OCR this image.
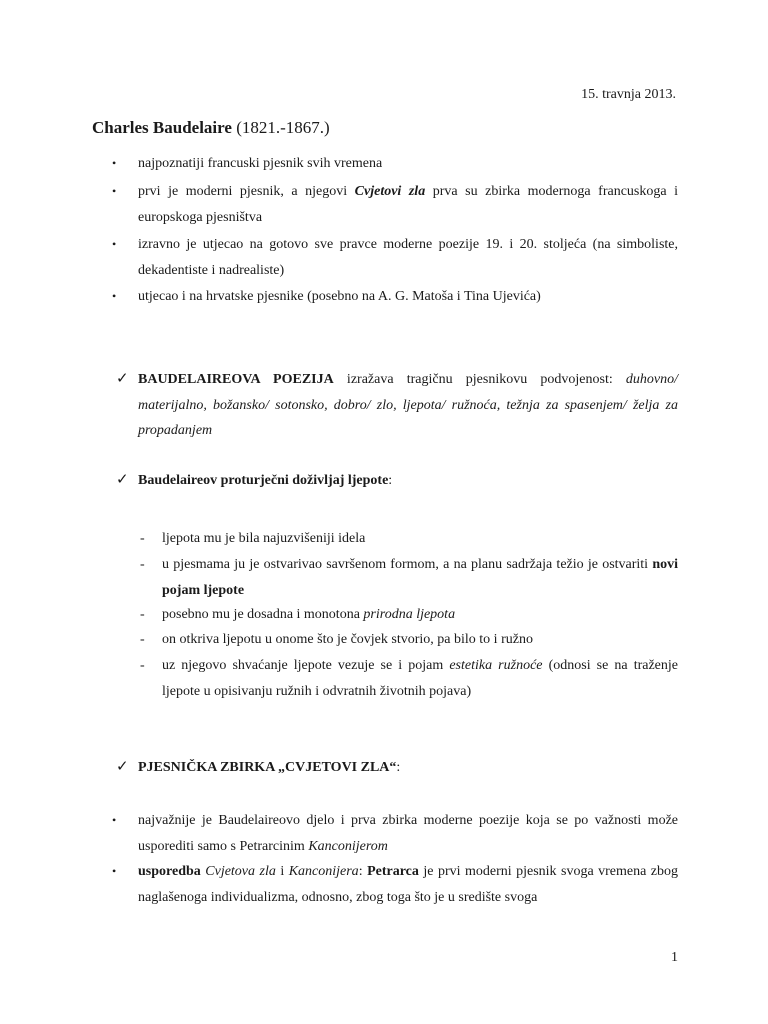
15. travnja 2013.
Charles Baudelaire (1821.-1867.)
•	najpoznatiji francuski pjesnik svih vremena
•	prvi je moderni pjesnik, a njegovi Cvjetovi zla prva su zbirka modernoga francuskoga i europskoga pjesništva
•	izravno je utjecao na gotovo sve pravce moderne poezije 19. i 20. stoljeća (na simboliste, dekadentiste i nadrealiste)
•	utjecao i na hrvatske pjesnike (posebno na A. G. Matoša i Tina Ujevića)
✓ BAUDELAIREOVA POEZIJA izražava tragičnu pjesnikovu podvojenost: duhovno/ materijalno, božansko/ sotonsko, dobro/ zlo, ljepota/ ružnoća, težnja za spasenjem/ želja za propadanjem
✓ Baudelaireov proturječni doživljaj ljepote:
- ljepota mu je bila najuzvišeniji idela
- u pjesmama ju je ostvarivao savršenom formom, a na planu sadržaja težio je ostvariti novi pojam ljepote
- posebno mu je dosadna i monotona prirodna ljepota
- on otkriva ljepotu u onome što je čovjek stvorio, pa bilo to i ružno
- uz njegovo shvaćanje ljepote vezuje se i pojam estetika ružnoće (odnosi se na traženje ljepote u opisivanju ružnih i odvratnih životnih pojava)
✓ PJESNIČKA ZBIRKA „CVJETOVI ZLA“:
•	najvažnije je Baudelaireovo djelo i prva zbirka moderne poezije koja se po važnosti može usporediti samo s Petrarcinim Kanconijerom
•	usporedba Cvjetova zla i Kanconijera: Petrarca je prvi moderni pjesnik svoga vremena zbog naglašenoga individualizma, odnosno, zbog toga što je u središte svoga
1
